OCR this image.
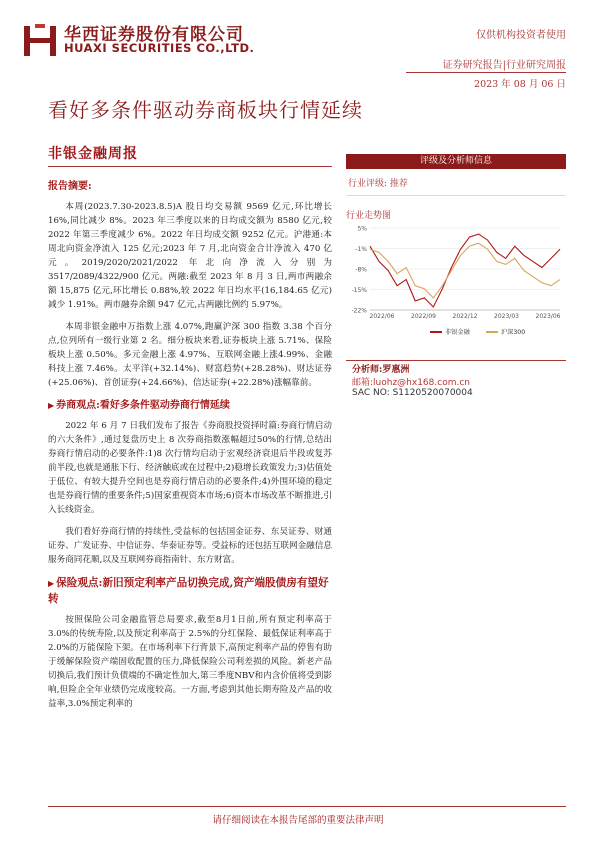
华西证券股份有限公司
HUAXI SECURITIES CO.,LTD.
仅供机构投资者使用
证券研究报告|行业研究周报
2023 年 08 月 06 日
看好多条件驱动券商板块行情延续
非银金融周报
报告摘要:

本周(2023.7.30-2023.8.5)A 股日均交易额 9569 亿元,环比增长 16%,同比减少 8%。2023 年三季度以来的日均成交额为 8580 亿元,较 2022 年第三季度减少 6%。2022 年日均成交额 9252 亿元。沪港通:本周北向资金净流入 125 亿元;2023 年 7 月,北向资金合计净流入 470 亿元。2019/2020/2021/2022 年北向净流入分别为 3517/2089/4322/900 亿元。两融:截至 2023 年 8 月 3 日,两市两融余额 15,875 亿元,环比增长 0.88%,较 2022 年日均水平(16,184.65 亿元)减少 1.91%。两市融券余额 947 亿元,占两融比例约 5.97%。

本周非银金融申万指数上涨 4.07%,跑赢沪深 300 指数 3.38 个百分点,位列所有一级行业第 2 名。细分板块来看,证券板块上涨 5.71%、保险板块上涨 0.50%。多元金融上涨 4.97%、互联网金融上涨4.99%、金融科技上涨 7.46%。太平洋(+32.14%)、财富趋势(+28.28%)、财达证券(+25.06%)、首创证券(+24.66%)、信达证券(+22.28%)涨幅靠前。

▶ 券商观点:看好多条件驱动券商行情延续

2022 年 6 月 7 日我们发布了报告《券商股投资择时篇:券商行情启动的六大条件》,通过复盘历史上 8 次券商指数涨幅超过50%的行情,总结出券商行情启动的必要条件:1)8 次行情均启动于宏观经济衰退后半段或复苏前半段,也就是通胀下行、经济触底或在过程中;2)稳增长政策发力;3)估值处于低位、有较大提升空间也是券商行情启动的必要条件;4)外围环境的稳定也是券商行情的重要条件;5)国家重视资本市场;6)资本市场改革不断推进,引入长线资金。

我们看好券商行情的持续性,受益标的包括国金证券、东吴证券、财通证券、广发证券、中信证券、华泰证券等。受益标的还包括互联网金融信息服务商同花顺,以及互联网券商指南针、东方财富。

▶ 保险观点:新旧预定利率产品切换完成,资产端股债房有望好转

按照保险公司金融监管总局要求,截至8月1日前,所有预定利率高于 3.0%的传统寿险,以及预定利率高于 2.5%的分红保险、最低保证利率高于 2.0%的万能保险下架。在市场利率下行背景下,高预定利率产品的停售有助于缓解保险资产端固收配置的压力,降低保险公司利差损的风险。新老产品切换后,我们预计负债端的不确定性加大,第三季度NBV和内含价值将受到影响,但险企全年业绩仍完成度较高。一方面,考虑到其他长期寿险及产品的收益率,3.0%预定利率的

评级及分析师信息
行业评级: 推荐
行业走势图
5%
-1%
-8%
-15%
-22%
2022/06	2022/09	2022/12	2023/03	2023/06
非银金融	沪深300
分析师:罗惠洲
邮箱:luohz@hx168.com.cn
SAC NO: S1120520070004
请仔细阅读在本报告尾部的重要法律声明
